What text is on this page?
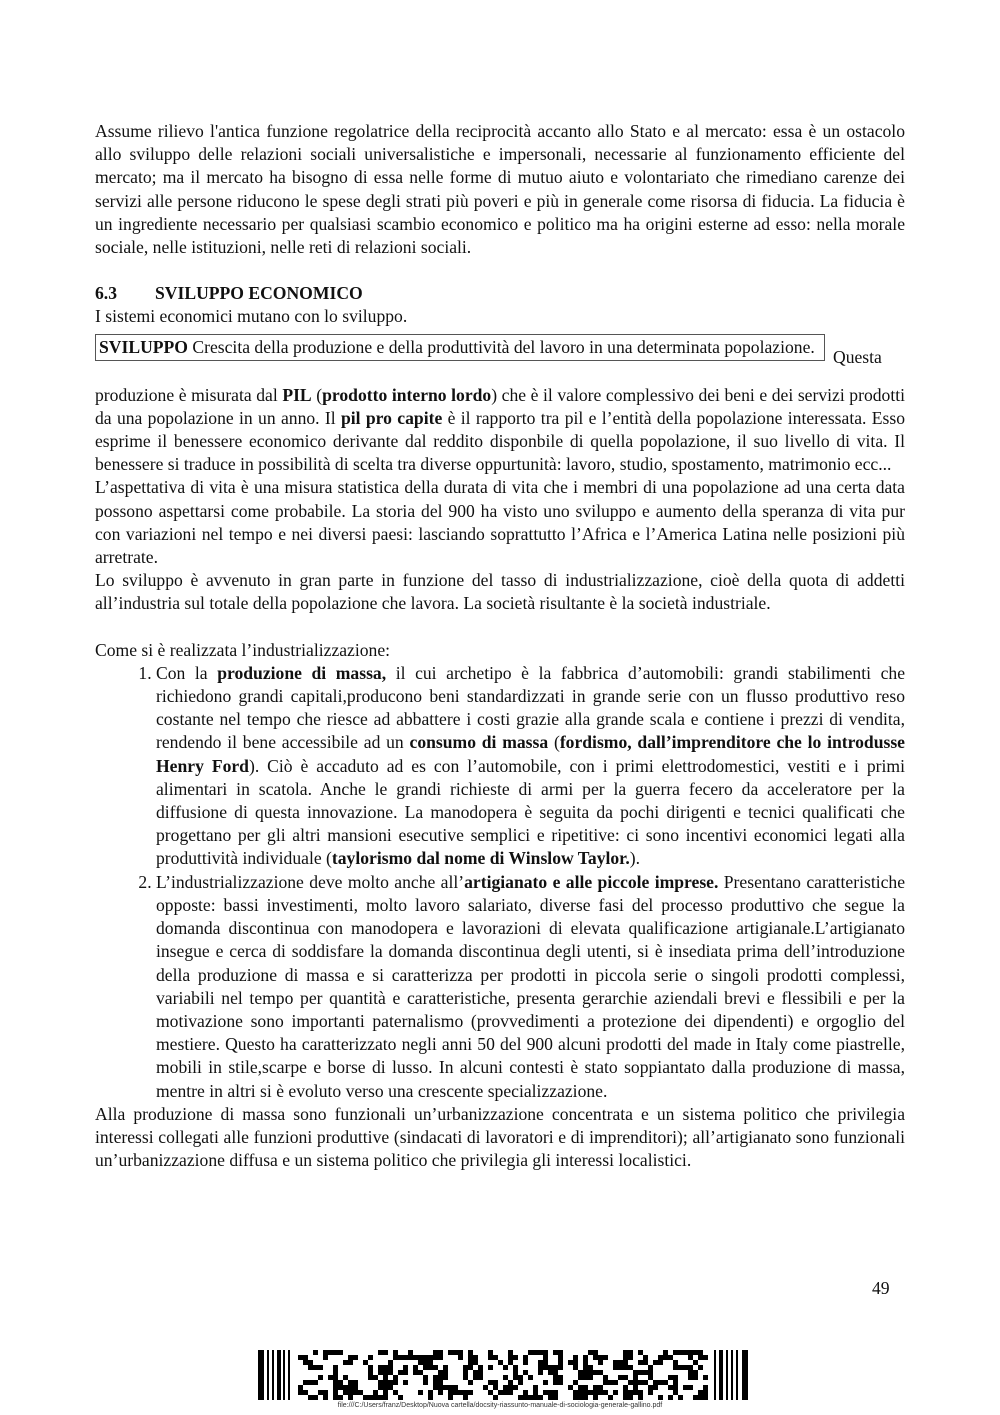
Assume rilievo l'antica funzione regolatrice della reciprocità accanto allo Stato e al mercato: essa è un ostacolo allo sviluppo delle relazioni sociali universalistiche e impersonali, necessarie al funzionamento efficiente del mercato; ma il mercato ha bisogno di essa nelle forme di mutuo aiuto e volontariato che rimediano carenze dei servizi alle persone riducono le spese degli strati più poveri e più in generale come risorsa di fiducia. La fiducia è un ingrediente necessario per qualsiasi scambio economico e politico ma ha origini esterne ad esso: nella morale sociale, nelle istituzioni, nelle reti di relazioni sociali.

6.3 SVILUPPO ECONOMICO

I sistemi economici mutano con lo sviluppo.

SVILUPPO Crescita della produzione e della produttività del lavoro in una determinata popolazione.	Questa

produzione è misurata dal PIL (prodotto interno lordo) che è il valore complessivo dei beni e dei servizi prodotti da una popolazione in un anno. Il pil pro capite è il rapporto tra pil e l’entità della popolazione interessata. Esso esprime il benessere economico derivante dal reddito disponbile di quella popolazione, il suo livello di vita. Il benessere si traduce in possibilità di scelta tra diverse oppurtunità: lavoro, studio, spostamento, matrimonio ecc...

L’aspettativa di vita è una misura statistica della durata di vita che i membri di una popolazione ad una certa data possono aspettarsi come probabile. La storia del 900 ha visto uno sviluppo e aumento della speranza di vita pur con variazioni nel tempo e nei diversi paesi: lasciando soprattutto l’Africa e l’America Latina nelle posizioni più arretrate.

Lo sviluppo è avvenuto in gran parte in funzione del tasso di industrializzazione, cioè della quota di addetti all’industria sul totale della popolazione che lavora. La società risultante è la società industriale.

Come si è realizzata l’industrializzazione:

1. Con la produzione di massa, il cui archetipo è la fabbrica d’automobili: grandi stabilimenti che richiedono grandi capitali,producono beni standardizzati in grande serie con un flusso produttivo reso costante nel tempo che riesce ad abbattere i costi grazie alla grande scala e contiene i prezzi di vendita, rendendo il bene accessibile ad un consumo di massa (fordismo, dall’imprenditore che lo introdusse Henry Ford). Ciò è accaduto ad es con l’automobile, con i primi elettrodomestici, vestiti e i primi alimentari in scatola. Anche le grandi richieste di armi per la guerra fecero da acceleratore per la diffusione di questa innovazione. La manodopera è seguita da pochi dirigenti e tecnici qualificati che progettano per gli altri mansioni esecutive semplici e ripetitive: ci sono incentivi economici legati alla produttività individuale (taylorismo dal nome di Winslow Taylor.).
2. L’industrializzazione deve molto anche all’artigianato e alle piccole imprese. Presentano caratteristiche opposte: bassi investimenti, molto lavoro salariato, diverse fasi del processo produttivo che segue la domanda discontinua con manodopera e lavorazioni di elevata qualificazione artigianale.L’artigianato insegue e cerca di soddisfare la domanda discontinua degli utenti, si è insediata prima dell’introduzione della produzione di massa e si caratterizza per prodotti in piccola serie o singoli prodotti complessi, variabili nel tempo per quantità e caratteristiche, presenta gerarchie aziendali brevi e flessibili e per la motivazione sono importanti paternalismo (provvedimenti a protezione dei dipendenti) e orgoglio del mestiere. Questo ha caratterizzato negli anni 50 del 900 alcuni prodotti del made in Italy come piastrelle, mobili in stile,scarpe e borse di lusso. In alcuni contesti è stato soppiantato dalla produzione di massa, mentre in altri si è evoluto verso una crescente specializzazione.

Alla produzione di massa sono funzionali un’urbanizzazione concentrata e un sistema politico che privilegia interessi collegati alle funzioni produttive (sindacati di lavoratori e di imprenditori); all’artigianato sono funzionali un’urbanizzazione diffusa e un sistema politico che privilegia gli interessi localistici.

49
file:///C:/Users/franz/Desktop/Nuova cartella/docsity-riassunto-manuale-di-sociologia-generale-gallino.pdf
